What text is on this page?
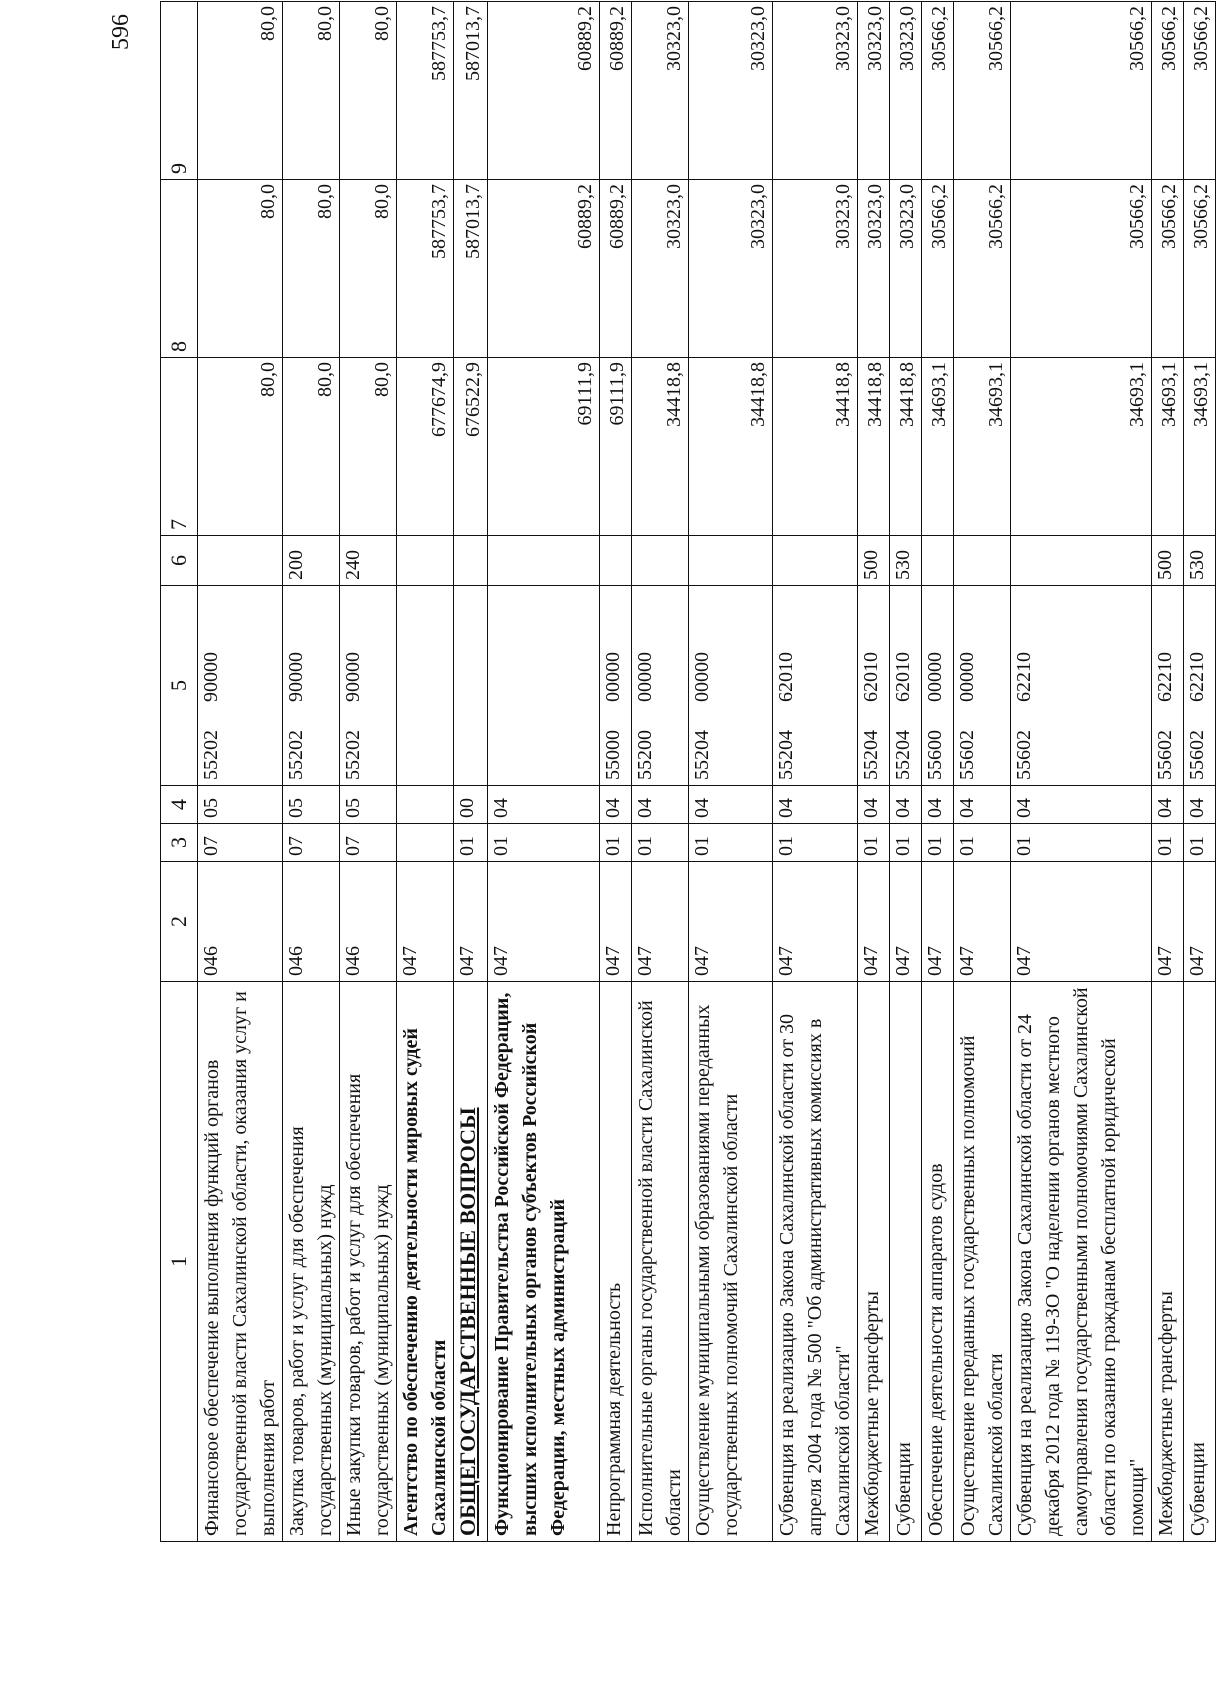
596
1	2	3	4	5	6	7	8	9
Финансовое обеспечение выполнения функций органов государственной власти Сахалинской области, оказания услуг и выполнения работ	046	07	05	5520290000		80,0	80,0	80,0
Закупка товаров, работ и услуг для обеспечения государственных (муниципальных) нужд	046	07	05	5520290000	200	80,0	80,0	80,0
Иные закупки товаров, работ и услуг для обеспечения государственных (муниципальных) нужд	046	07	05	5520290000	240	80,0	80,0	80,0
Агентство по обеспечению деятельности мировых судей Сахалинской области	047					677674,9	587753,7	587753,7
ОБЩЕГОСУДАРСТВЕННЫЕ ВОПРОСЫ	047	01	00			676522,9	587013,7	587013,7
Функционирование Правительства Российской Федерации, высших исполнительных органов субъектов Российской Федерации, местных администраций	047	01	04			69111,9	60889,2	60889,2
Непрограммная деятельность	047	01	04	5500000000		69111,9	60889,2	60889,2
Исполнительные органы государственной власти Сахалинской области	047	01	04	5520000000		34418,8	30323,0	30323,0
Осуществление муниципальными образованиями переданных государственных полномочий Сахалинской области	047	01	04	5520400000		34418,8	30323,0	30323,0
Субвенция на реализацию Закона Сахалинской области от 30 апреля 2004 года № 500 "Об административных комиссиях в Сахалинской области"	047	01	04	5520462010		34418,8	30323,0	30323,0
Межбюджетные трансферты	047	01	04	5520462010	500	34418,8	30323,0	30323,0
Субвенции	047	01	04	5520462010	530	34418,8	30323,0	30323,0
Обеспечение деятельности аппаратов судов	047	01	04	5560000000		34693,1	30566,2	30566,2
Осуществление переданных государственных полномочий Сахалинской области	047	01	04	5560200000		34693,1	30566,2	30566,2
Субвенция на реализацию Закона Сахалинской области от 24 декабря 2012 года № 119-ЗО "О наделении органов местного самоуправления государственными полномочиями Сахалинской области по оказанию гражданам бесплатной юридической помощи"	047	01	04	5560262210		34693,1	30566,2	30566,2
Межбюджетные трансферты	047	01	04	5560262210	500	34693,1	30566,2	30566,2
Субвенции	047	01	04	5560262210	530	34693,1	30566,2	30566,2
